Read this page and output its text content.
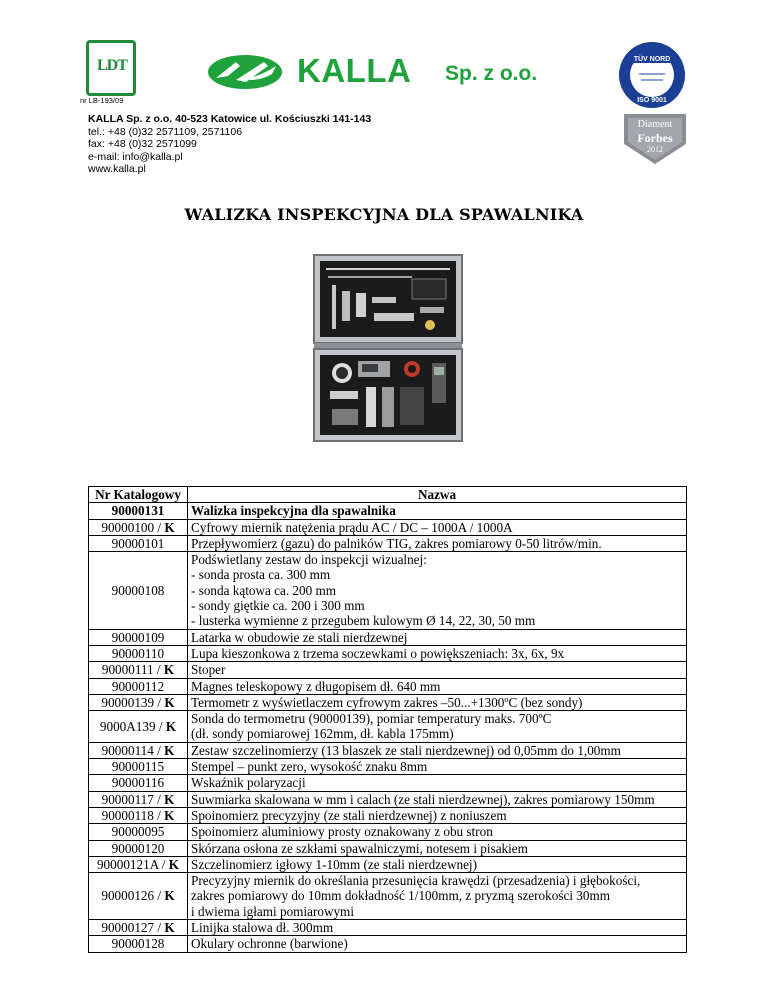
LDT
nr LB-193/09
KALLA Sp. z o.o.
TÜV NORD
ISO 9001
Diament
Forbes
2012
KALLA Sp. z o.o. 40-523 Katowice ul. Kościuszki 141-143
tel.: +48 (0)32 2571109, 2571106
fax: +48 (0)32 2571099
e-mail: info@kalla.pl
www.kalla.pl
WALIZKA INSPEKCYJNA DLA SPAWALNIKA
Nr Katalogowy	Nazwa
90000131	Walizka inspekcyjna dla spawalnika

90000100 / K	Cyfrowy miernik natężenia prądu AC / DC – 1000A / 1000A

90000101	Przepływomierz (gazu) do palników TIG, zakres pomiarowy 0-50 litrów/min.

90000108	Podświetlany zestaw do inspekcji wizualnej:
- sonda prosta ca. 300 mm
- sonda kątowa ca. 200 mm
- sondy giętkie ca. 200 i 300 mm
- lusterka wymienne z przegubem kulowym Ø 14, 22, 30, 50 mm

90000109	Latarka w obudowie ze stali nierdzewnej

90000110	Lupa kieszonkowa z trzema soczewkami o powiększeniach: 3x, 6x, 9x

90000111 / K	Stoper

90000112	Magnes teleskopowy z długopisem dł. 640 mm

90000139 / K	Termometr z wyświetlaczem cyfrowym zakres –50...+1300ºC (bez sondy)

9000A139 / K	Sonda do termometru (90000139), pomiar temperatury maks. 700ºC
(dł. sondy pomiarowej 162mm, dł. kabla 175mm)

90000114 / K	Zestaw szczelinomierzy (13 blaszek ze stali nierdzewnej) od 0,05mm do 1,00mm

90000115	Stempel – punkt zero, wysokość znaku 8mm

90000116	Wskaźnik polaryzacji

90000117 / K	Suwmiarka skalowana w mm i calach (ze stali nierdzewnej), zakres pomiarowy 150mm

90000118 / K	Spoinomierz precyzyjny (ze stali nierdzewnej) z noniuszem

90000095	Spoinomierz aluminiowy prosty oznakowany z obu stron

90000120	Skórzana osłona ze szkłami spawalniczymi, notesem i pisakiem

90000121A / K	Szczelinomierz igłowy 1-10mm (ze stali nierdzewnej)

90000126 / K	Precyzyjny miernik do określania przesunięcia krawędzi (przesadzenia) i głębokości,
zakres pomiarowy do 10mm dokładność 1/100mm, z pryzmą szerokości 30mm
i dwiema igłami pomiarowymi

90000127 / K	Linijka stalowa dł. 300mm

90000128	Okulary ochronne (barwione)
